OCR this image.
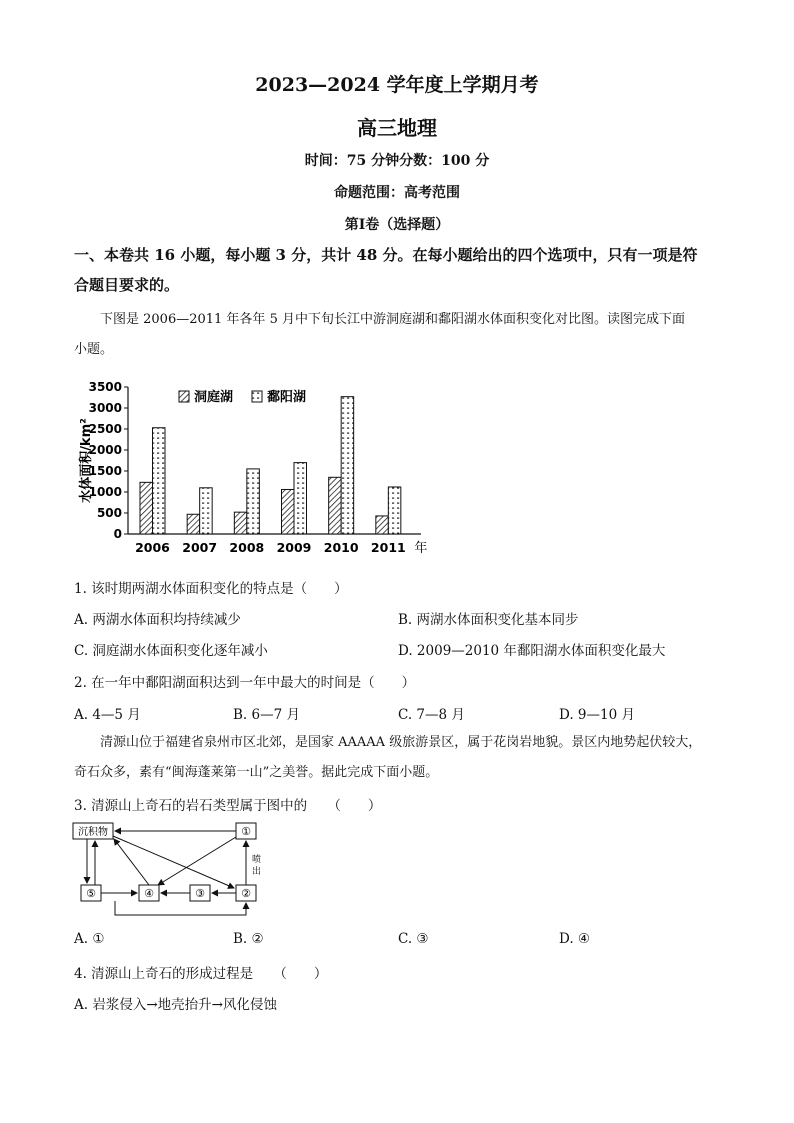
2023—2024 学年度上学期月考
高三地理
时间：75 分钟分数：100 分
命题范围：高考范围
第Ⅰ卷（选择题）
一、本卷共 16 小题，每小题 3 分，共计 48 分。在每小题给出的四个选项中，只有一项是符
合题目要求的。
下图是 2006—2011 年各年 5 月中下旬长江中游洞庭湖和鄱阳湖水体面积变化对比图。读图完成下面
小题。
0
500
1000
1500
2000
2500
3000
3500
水体面积/km²
2006 2007 2008 2009 2010 2011 年
洞庭湖	鄱阳湖
1. 该时期两湖水体面积变化的特点是（　　）
A. 两湖水体面积均持续减少	B. 两湖水体面积变化基本同步
C. 洞庭湖水体面积变化逐年减小	D. 2009—2010 年鄱阳湖水体面积变化最大
2. 在一年中鄱阳湖面积达到一年中最大的时间是（　　）
A. 4—5 月	B. 6—7 月	C. 7—8 月	D. 9—10 月
清源山位于福建省泉州市区北郊，是国家 AAAAA 级旅游景区，属于花岗岩地貌。景区内地势起伏较大，
奇石众多，素有“闽海蓬莱第一山”之美誉。据此完成下面小题。
3. 清源山上奇石的岩石类型属于图中的　　（　　）
沉积物	①
②
③
④
⑤
喷
出
A. ①	B. ②	C. ③	D. ④
4. 清源山上奇石的形成过程是　　（　　）
A. 岩浆侵入→地壳抬升→风化侵蚀
